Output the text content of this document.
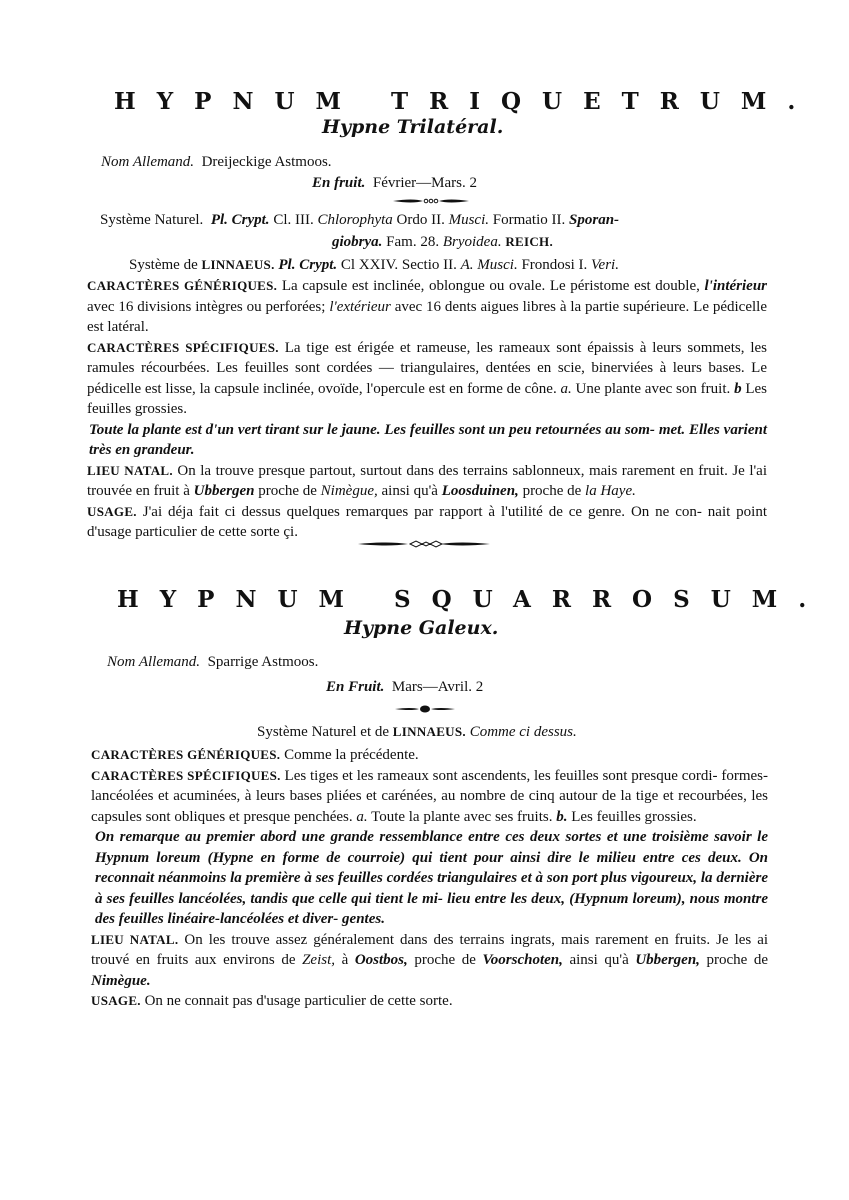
HYPNUM TRIQUETRUM.
Hypne Trilatéral.
Nom Allemand. Dreijeckige Astmoos.
En fruit. Février—Mars. 2
Système Naturel. Pl. Crypt. Cl. III. Chlorophyta Ordo II. Musci. Formatio II. Sporan-
giobrya. Fam. 28. Bryoidea. REICH.
Système de LINNAEUS. Pl. Crypt. Cl XXIV. Sectio II. A. Musci. Frondosi I. Veri.

CARACTÈRES GÉNÉRIQUES. La capsule est inclinée, oblongue ou ovale. Le péristome est double, l'intérieur avec 16 divisions intègres ou perforées; l'extérieur avec 16 dents aigues libres à la partie supérieure. Le pédicelle est latéral.

CARACTÈRES SPÉCIFIQUES. La tige est érigée et rameuse, les rameaux sont épaissis à leurs sommets, les ramules récourbées. Les feuilles sont cordées — triangulaires, dentées en scie, binerviées à leurs bases. Le pédicelle est lisse, la capsule inclinée, ovoïde, l'opercule est en forme de cône. a. Une plante avec son fruit. b Les feuilles grossies.

Toute la plante est d'un vert tirant sur le jaune. Les feuilles sont un peu retournées au som- met. Elles varient très en grandeur.

LIEU NATAL. On la trouve presque partout, surtout dans des terrains sablonneux, mais rarement en fruit. Je l'ai trouvée en fruit à Ubbergen proche de Nimègue, ainsi qu'à Loosduinen, proche de la Haye.

USAGE. J'ai déja fait ci dessus quelques remarques par rapport à l'utilité de ce genre. On ne con- nait point d'usage particulier de cette sorte çi.

HYPNUM SQUARROSUM.
Hypne Galeux.
Nom Allemand. Sparrige Astmoos.
En Fruit. Mars—Avril. 2
Système Naturel et de LINNAEUS. Comme ci dessus.

CARACTÈRES GÉNÉRIQUES. Comme la précédente.

CARACTÈRES SPÉCIFIQUES. Les tiges et les rameaux sont ascendents, les feuilles sont presque cordi- formes-lancéolées et acuminées, à leurs bases pliées et carénées, au nombre de cinq autour de la tige et recourbées, les capsules sont obliques et presque penchées. a. Toute la plante avec ses fruits. b. Les feuilles grossies.

On remarque au premier abord une grande ressemblance entre ces deux sortes et une troisième savoir le Hypnum loreum (Hypne en forme de courroie) qui tient pour ainsi dire le milieu entre ces deux. On reconnait néanmoins la première à ses feuilles cordées triangulaires et à son port plus vigoureux, la dernière à ses feuilles lancéolées, tandis que celle qui tient le mi- lieu entre les deux, (Hypnum loreum), nous montre des feuilles linéaire-lancéolées et diver- gentes.

LIEU NATAL. On les trouve assez généralement dans des terrains ingrats, mais rarement en fruits. Je les ai trouvé en fruits aux environs de Zeist, à Oostbos, proche de Voorschoten, ainsi qu'à Ubbergen, proche de Nimègue.

USAGE. On ne connait pas d'usage particulier de cette sorte.
